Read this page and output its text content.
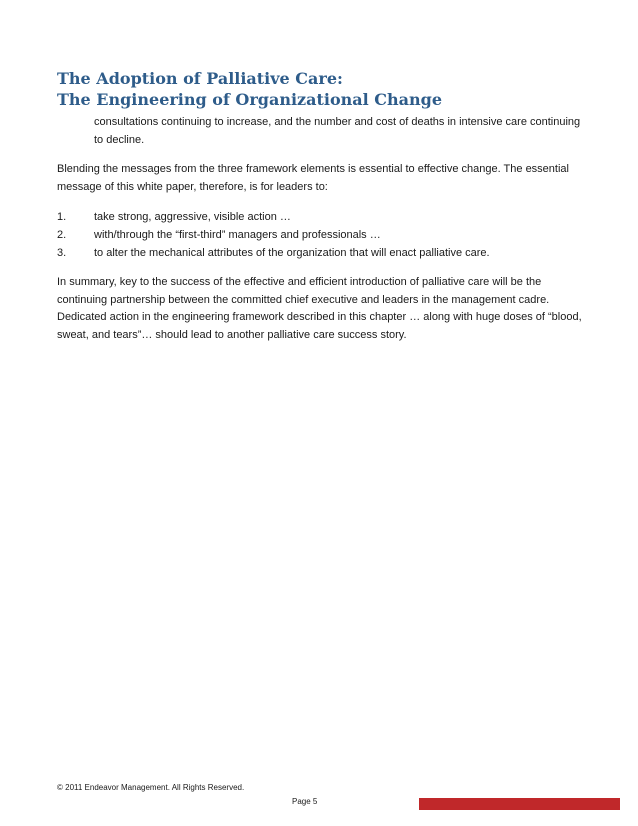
The Adoption of Palliative Care:
The Engineering of Organizational Change

consultations continuing to increase, and the number and cost of deaths in intensive care continuing to decline.

Blending the messages from the three framework elements is essential to effective change. The essential message of this white paper, therefore, is for leaders to:

1.	take strong, aggressive, visible action …
2.	with/through the “first-third” managers and professionals …
3.	to alter the mechanical attributes of the organization that will enact palliative care.

In summary, key to the success of the effective and efficient introduction of palliative care will be the continuing partnership between the committed chief executive and leaders in the management cadre. Dedicated action in the engineering framework described in this chapter … along with huge doses of “blood, sweat, and tears”… should lead to another palliative care success story.

© 2011 Endeavor Management. All Rights Reserved.
Page 5
